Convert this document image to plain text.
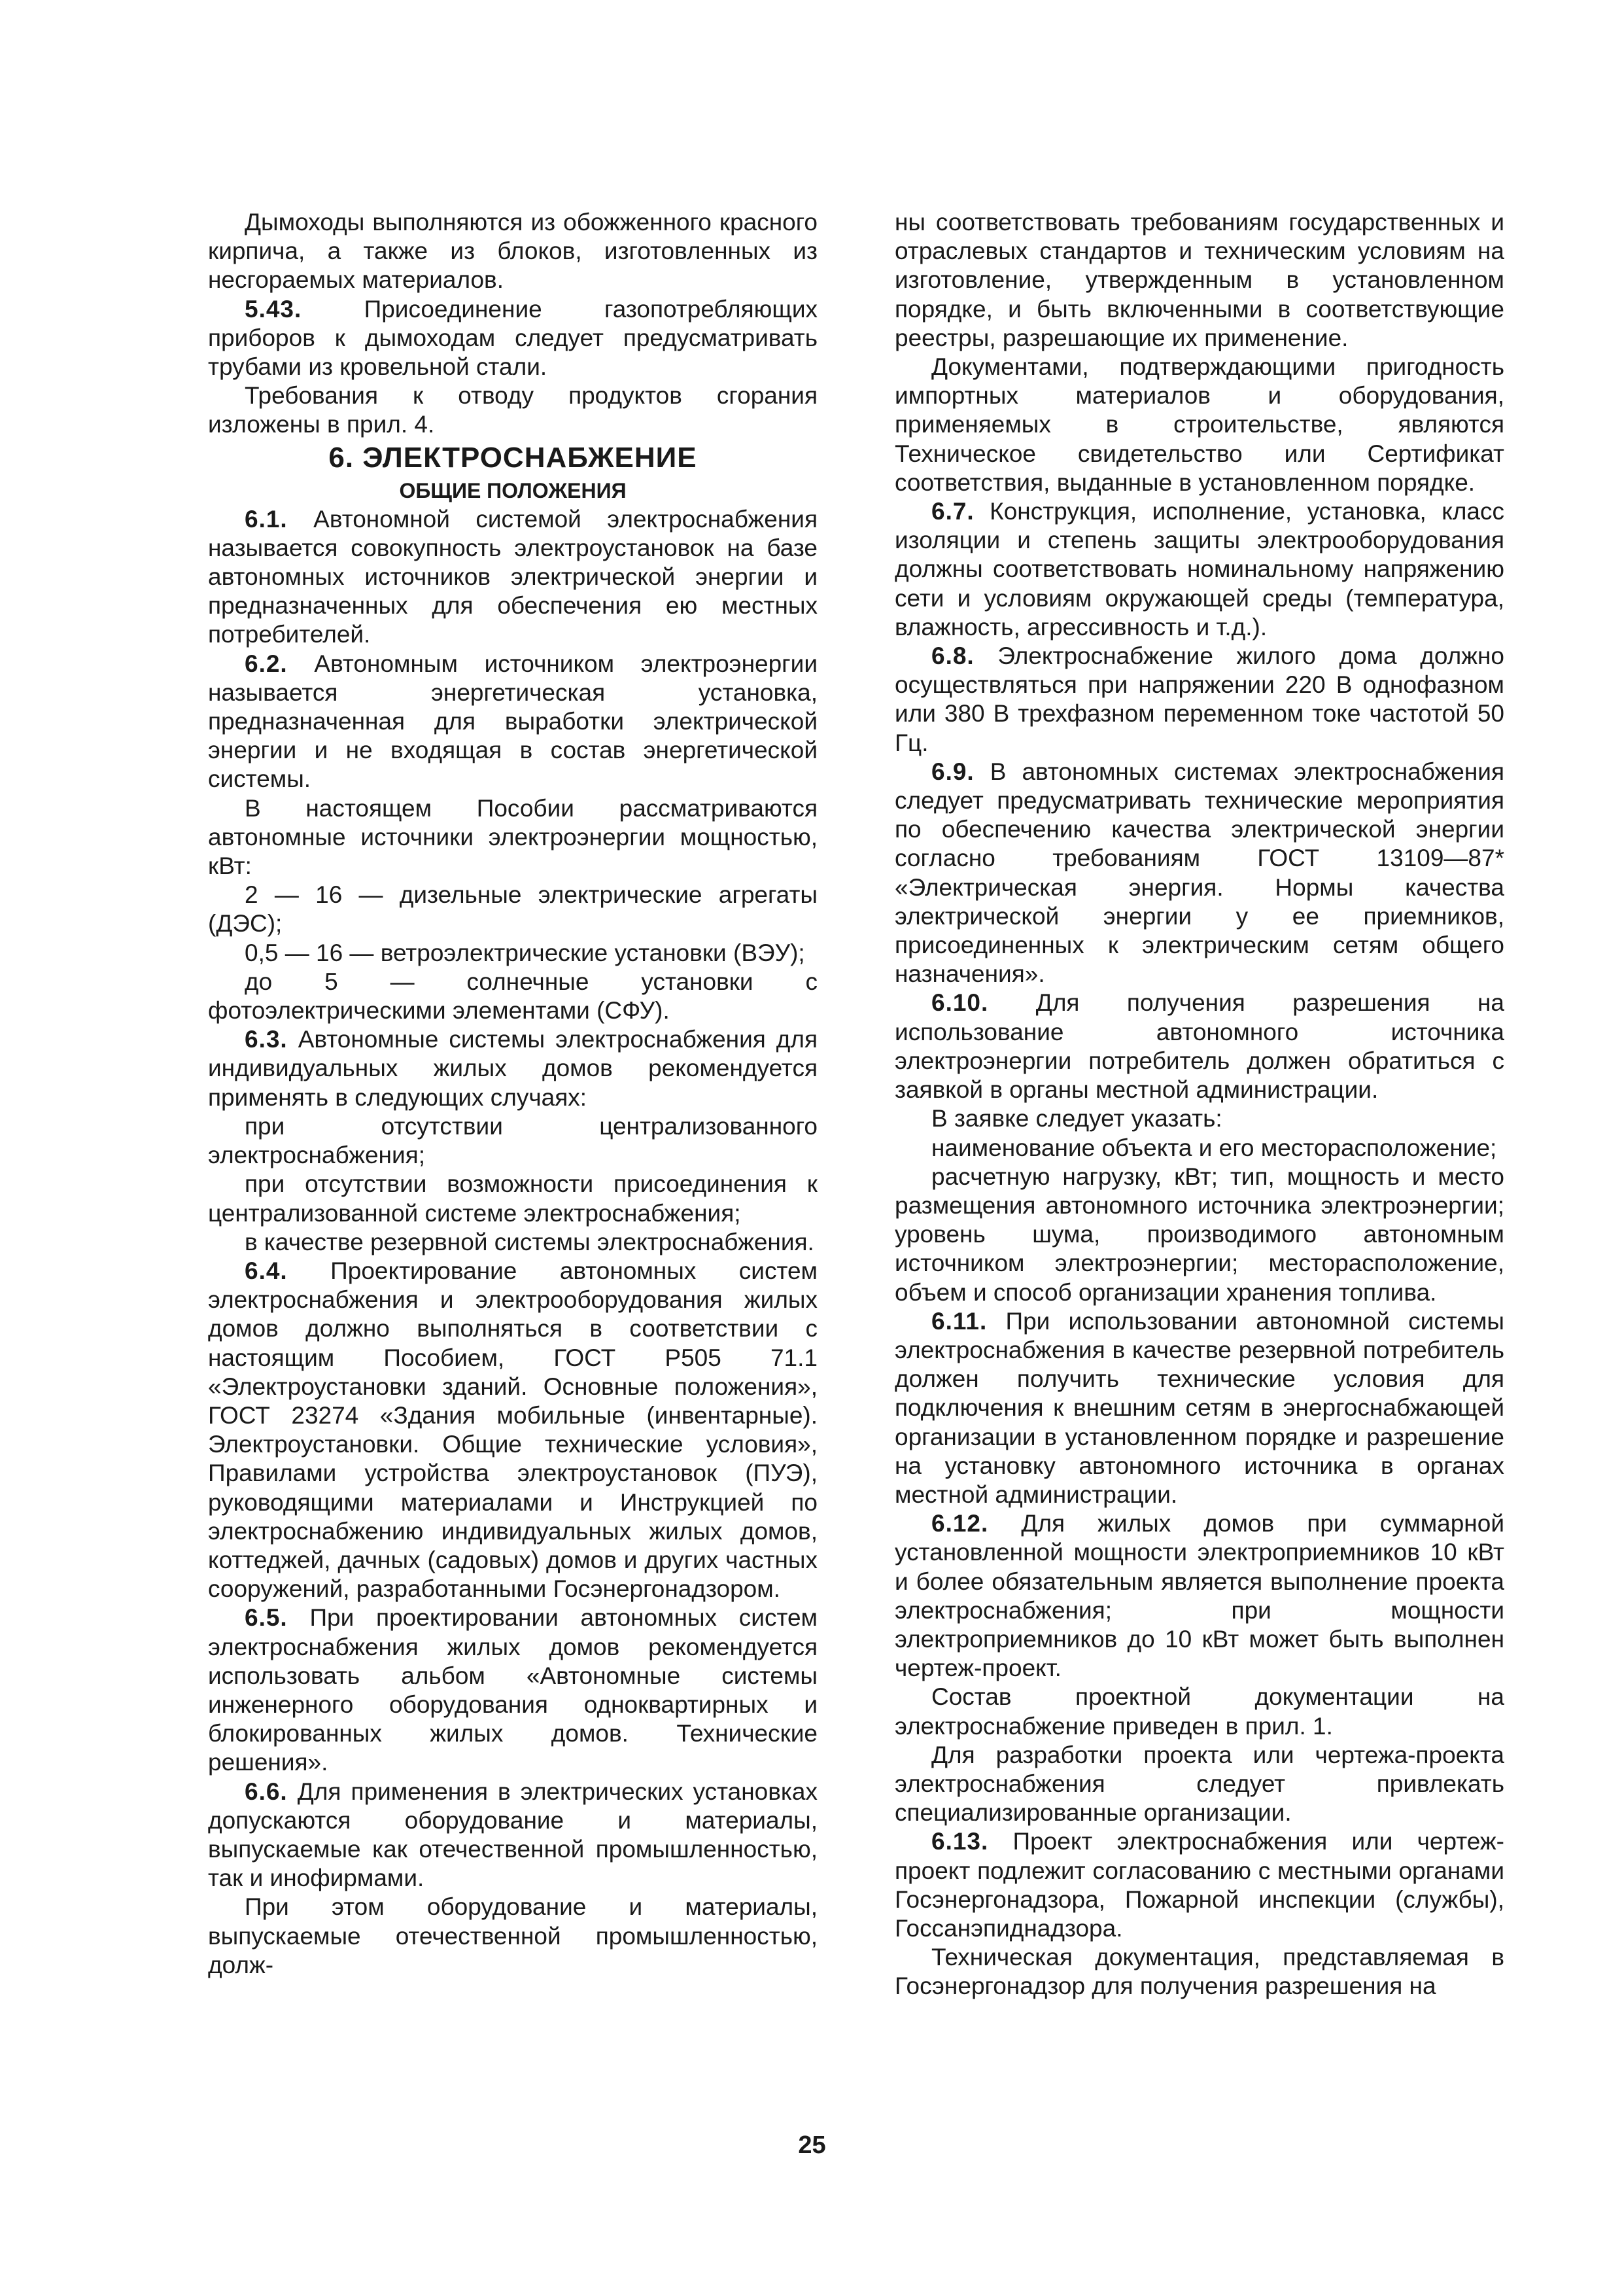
Дымоходы выполняются из обожженного красного кирпича, а также из блоков, изготовленных из несгораемых материалов.

5.43. Присоединение газопотребляющих приборов к дымоходам следует предусматривать трубами из кровельной стали.

Требования к отводу продуктов сгорания изложены в прил. 4.

6. ЭЛЕКТРОСНАБЖЕНИЕ

ОБЩИЕ ПОЛОЖЕНИЯ

6.1. Автономной системой электроснабжения называется совокупность электроустановок на базе автономных источников электрической энергии и предназначенных для обеспечения ею местных потребителей.

6.2. Автономным источником электроэнергии называется энергетическая установка, предназначенная для выработки электрической энергии и не входящая в состав энергетической системы.

В настоящем Пособии рассматриваются автономные источники электроэнергии мощностью, кВт:

2 — 16 — дизельные электрические агрегаты (ДЭС);

0,5 — 16 — ветроэлектрические установки (ВЭУ);

до 5 — солнечные установки с фотоэлектрическими элементами (СФУ).

6.3. Автономные системы электроснабжения для индивидуальных жилых домов рекомендуется применять в следующих случаях:

при отсутствии централизованного электроснабжения;

при отсутствии возможности присоединения к централизованной системе электроснабжения;

в качестве резервной системы электроснабжения.

6.4. Проектирование автономных систем электроснабжения и электрооборудования жилых домов должно выполняться в соответствии с настоящим Пособием, ГОСТ Р505 71.1 «Электроустановки зданий. Основные положения», ГОСТ 23274 «Здания мобильные (инвентарные). Электроустановки. Общие технические условия», Правилами устройства электроустановок (ПУЭ), руководящими материалами и Инструкцией по электроснабжению индивидуальных жилых домов, коттеджей, дачных (садовых) домов и других частных сооружений, разработанными Госэнергонадзором.

6.5. При проектировании автономных систем электроснабжения жилых домов рекомендуется использовать альбом «Автономные системы инженерного оборудования одноквартирных и блокированных жилых домов. Технические решения».

6.6. Для применения в электрических установках допускаются оборудование и материалы, выпускаемые как отечественной промышленностью, так и инофирмами.

При этом оборудование и материалы, выпускаемые отечественной промышленностью, долж-

ны соответствовать требованиям государственных и отраслевых стандартов и техническим условиям на изготовление, утвержденным в установленном порядке, и быть включенными в соответствующие реестры, разрешающие их применение.

Документами, подтверждающими пригодность импортных материалов и оборудования, применяемых в строительстве, являются Техническое свидетельство или Сертификат соответствия, выданные в установленном порядке.

6.7. Конструкция, исполнение, установка, класс изоляции и степень защиты электрооборудования должны соответствовать номинальному напряжению сети и условиям окружающей среды (температура, влажность, агрессивность и т.д.).

6.8. Электроснабжение жилого дома должно осуществляться при напряжении 220 В однофазном или 380 В трехфазном переменном токе частотой 50 Гц.

6.9. В автономных системах электроснабжения следует предусматривать технические мероприятия по обеспечению качества электрической энергии согласно требованиям ГОСТ 13109—87* «Электрическая энергия. Нормы качества электрической энергии у ее приемников, присоединенных к электрическим сетям общего назначения».

6.10. Для получения разрешения на использование автономного источника электроэнергии потребитель должен обратиться с заявкой в органы местной администрации.

В заявке следует указать:

наименование объекта и его месторасположение;

расчетную нагрузку, кВт; тип, мощность и место размещения автономного источника электроэнергии; уровень шума, производимого автономным источником электроэнергии; месторасположение, объем и способ организации хранения топлива.

6.11. При использовании автономной системы электроснабжения в качестве резервной потребитель должен получить технические условия для подключения к внешним сетям в энергоснабжающей организации в установленном порядке и разрешение на установку автономного источника в органах местной администрации.

6.12. Для жилых домов при суммарной установленной мощности электроприемников 10 кВт и более обязательным является выполнение проекта электроснабжения; при мощности электроприемников до 10 кВт может быть выполнен чертеж-проект.

Состав проектной документации на электроснабжение приведен в прил. 1.

Для разработки проекта или чертежа-проекта электроснабжения следует привлекать специализированные организации.

6.13. Проект электроснабжения или чертеж-проект подлежит согласованию с местными органами Госэнергонадзора, Пожарной инспекции (службы), Госсанэпиднадзора.

Техническая документация, представляемая в Госэнергонадзор для получения разрешения на

25
